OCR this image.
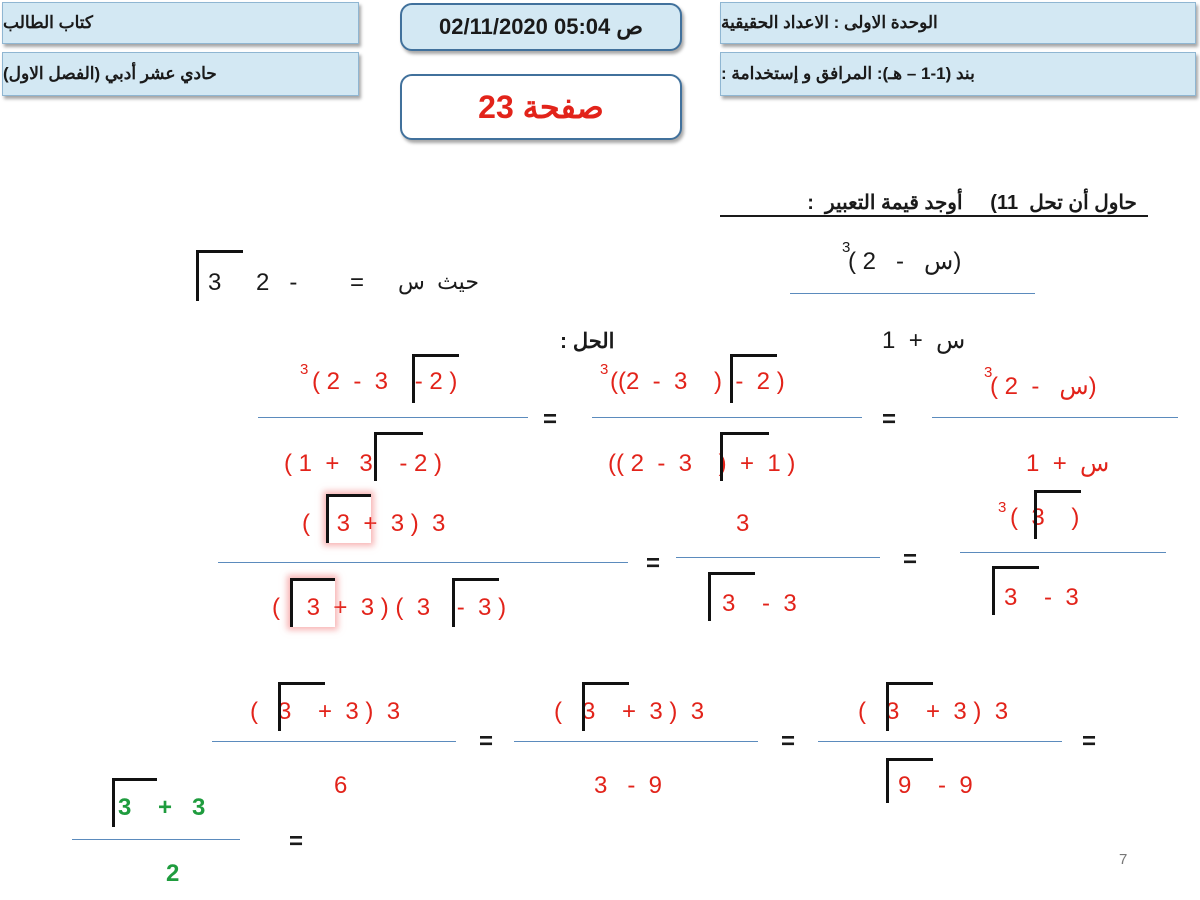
كتاب الطالب
حادي عشر أدبي (الفصل الاول)
02/11/2020 05:04 ص
صفحة 23
الوحدة الاولى : الاعداد الحقيقية
بند (1-1 – هـ): المرافق و إستخدامة :

حاول أن تحل  11)     أوجد قيمة التعبير  :

حيث  س
=
2   -
3
(س   -   2 )
3
س  +  1
الحل :
(س   -  2 )
3
س  +  1
=
((2  -  3    )  -  2 )
3
(( 2  -  3    )  +  1 )
=
( 2  -  3    - 2 )
3
( 1  +   3    - 2 )
(  3    )
3
3    -  3
=
3
3    -  3
=
(    3  +  3 )  3
(    3  +  3 ) (  3    -  3 )
(   3    +  3 )  3
9    -  9
=
(   3    +  3 )  3
3   -  9
=
(   3    +  3 )  3
6
=
3    +   3
2
=
7
